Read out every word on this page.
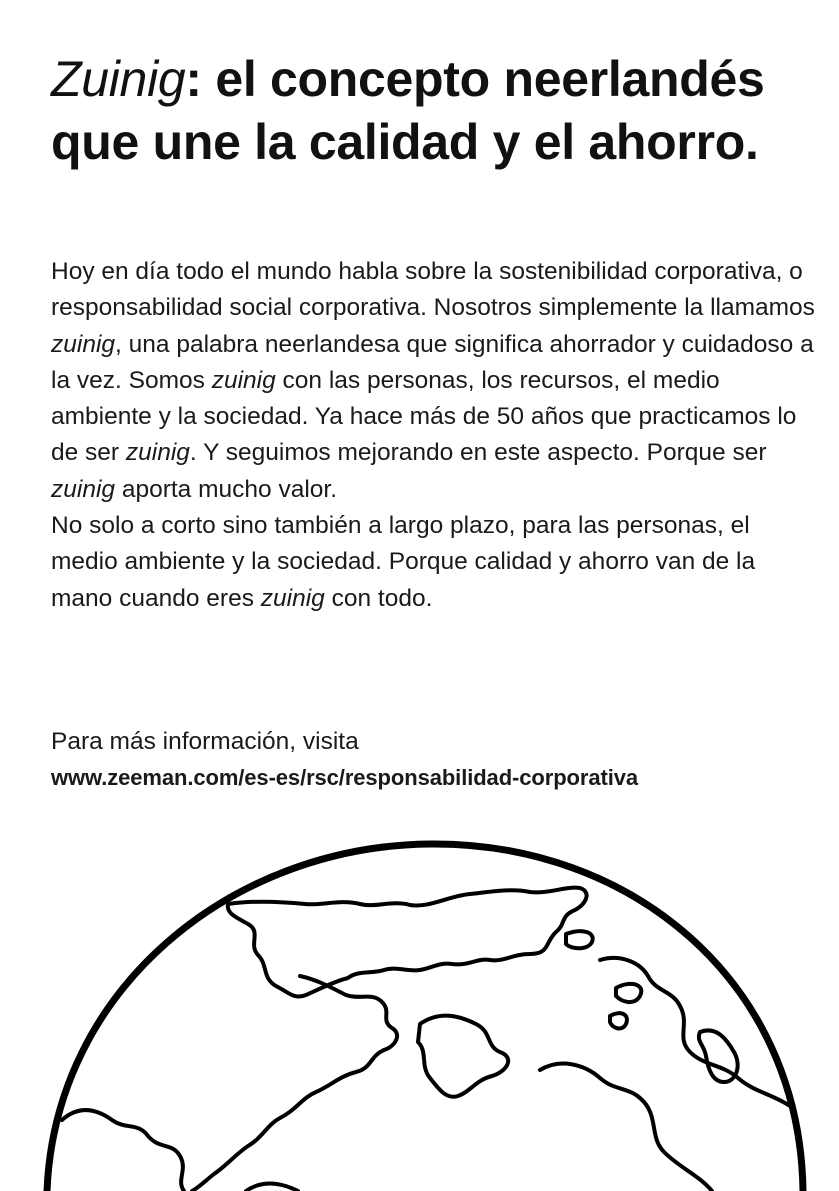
Zuinig: el concepto neerlandés que une la calidad y el ahorro.

Hoy en día todo el mundo habla sobre la sostenibilidad corporativa, o responsabilidad social corporativa. Nosotros simplemente la llamamos zuinig, una palabra neerlandesa que significa ahorrador y cuidadoso a la vez. Somos zuinig con las personas, los recursos, el medio ambiente y la sociedad. Ya hace más de 50 años que practicamos lo de ser zuinig. Y seguimos mejorando en este aspecto. Porque ser zuinig aporta mucho valor.

No solo a corto sino también a largo plazo, para las personas, el medio ambiente y la sociedad. Porque calidad y ahorro van de la mano cuando eres zuinig con todo.

Para más información, visita
www.zeeman.com/es-es/rsc/responsabilidad-corporativa
